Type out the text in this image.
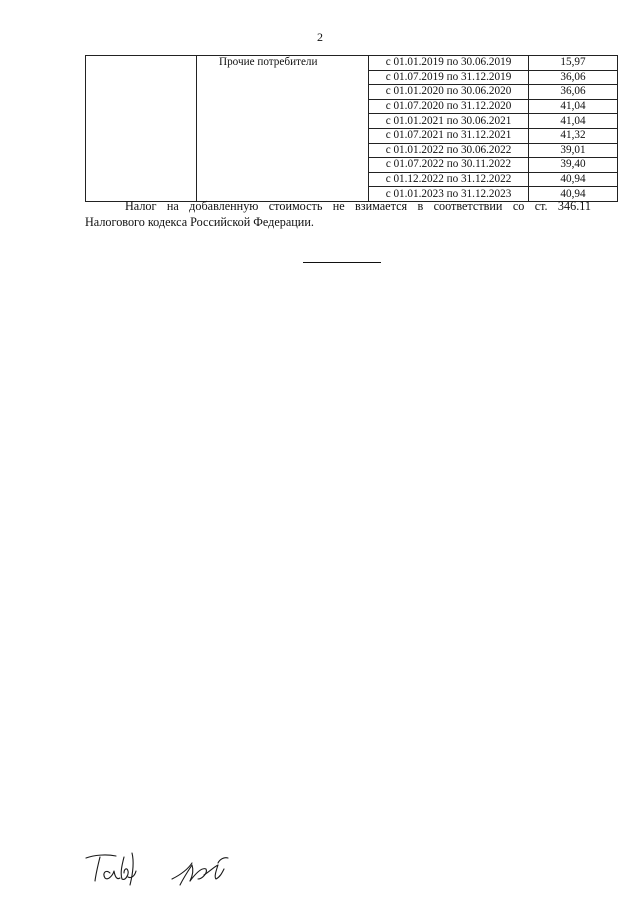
2
	Прочие потребители	с 01.01.2019 по 30.06.2019	15,97
		с 01.07.2019 по 31.12.2019	36,06
		с 01.01.2020 по 30.06.2020	36,06
		с 01.07.2020 по 31.12.2020	41,04
		с 01.01.2021 по 30.06.2021	41,04
		с 01.07.2021 по 31.12.2021	41,32
		с 01.01.2022 по 30.06.2022	39,01
		с 01.07.2022 по 30.11.2022	39,40
		с 01.12.2022 по 31.12.2022	40,94
		с 01.01.2023 по 31.12.2023	40,94
Налог на добавленную стоимость не взимается в соответствии со ст. 346.11
Налогового кодекса Российской Федерации.
